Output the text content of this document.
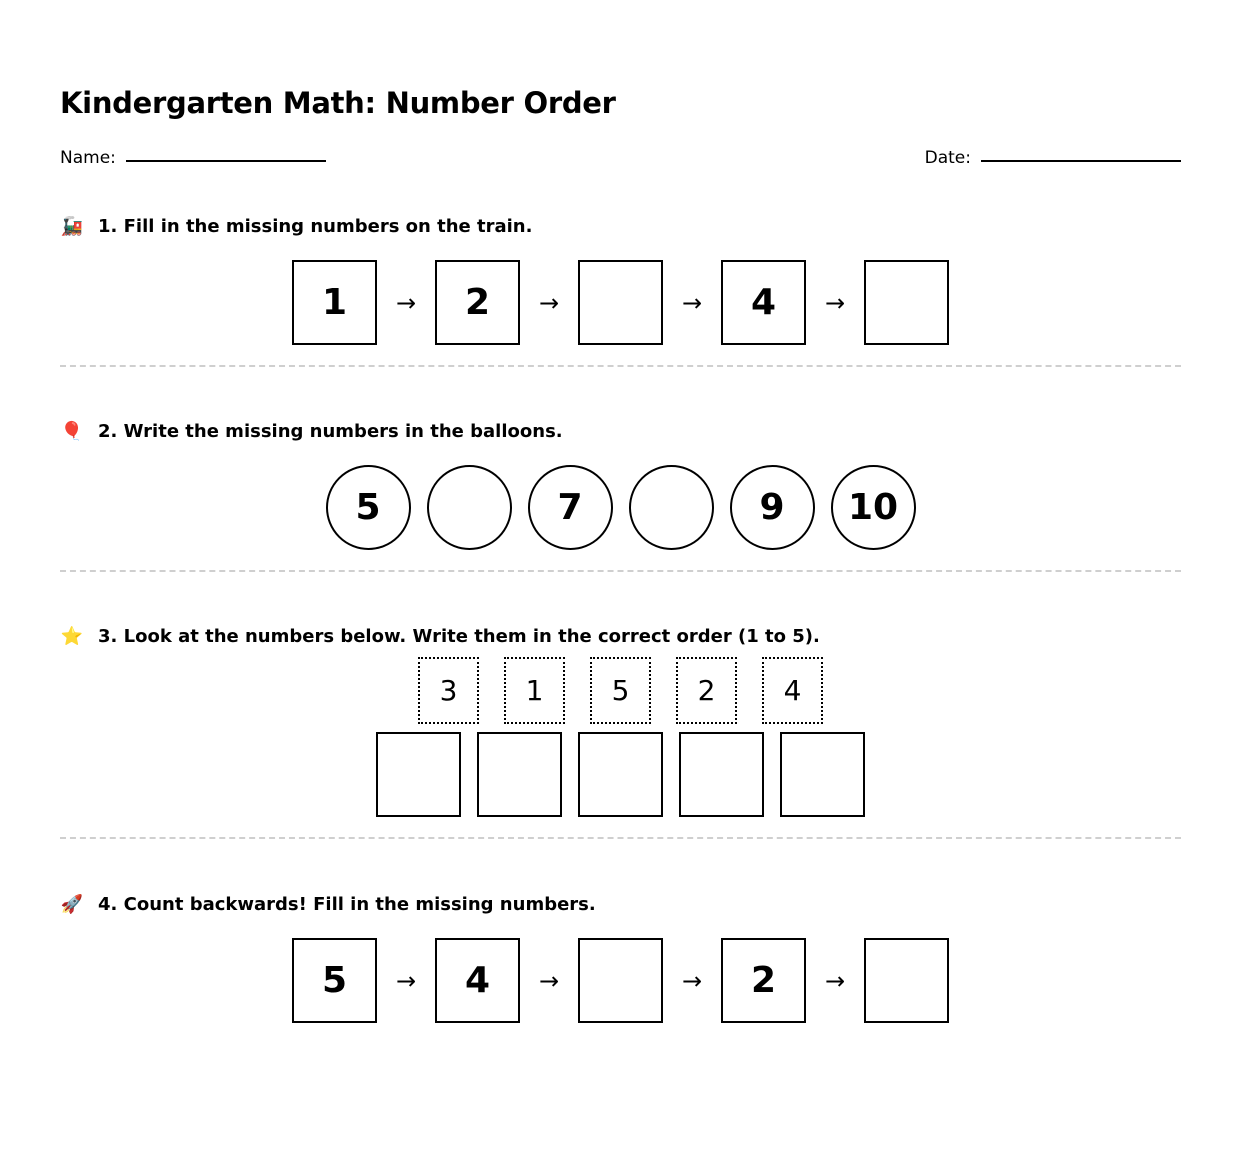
Kindergarten Math: Number Order
Name:	Date:
🚂 1. Fill in the missing numbers on the train.
1	→	2	→	→	4	→
🎈 2. Write the missing numbers in the balloons.
5	7	9	10
⭐ 3. Look at the numbers below. Write them in the correct order (1 to 5).
3	1	5	2	4
🚀 4. Count backwards! Fill in the missing numbers.
5	→	4	→	→	2	→
